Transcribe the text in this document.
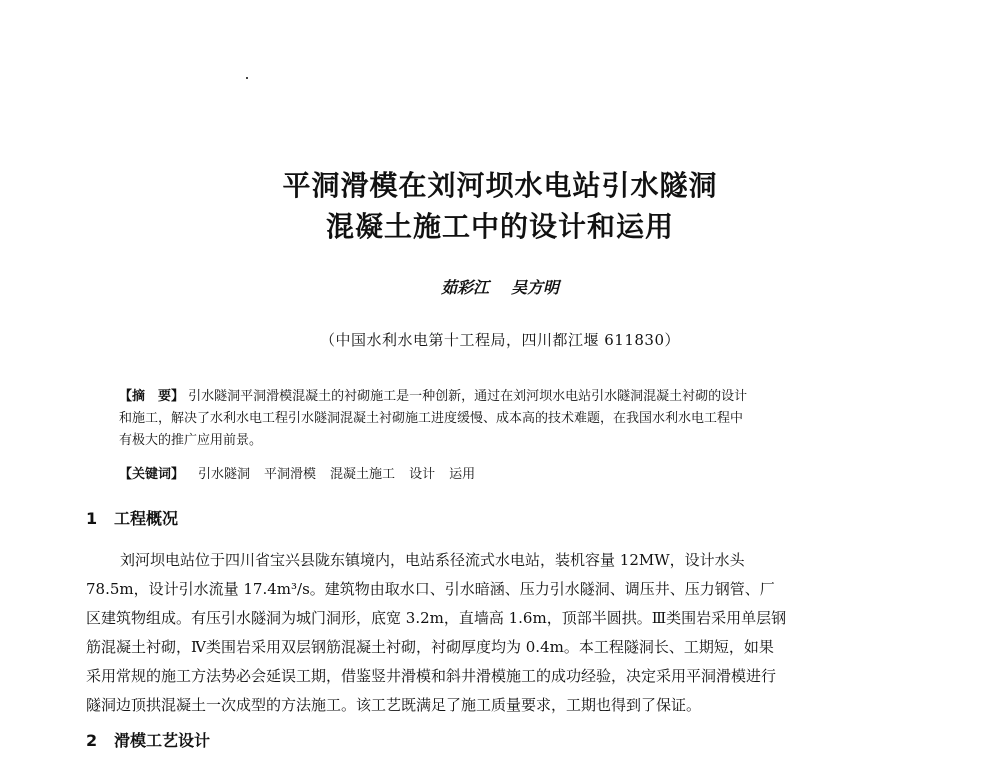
平洞滑模在刘河坝水电站引水隧洞
混凝土施工中的设计和运用
茹彩江 吴方明
（中国水利水电第十工程局，四川都江堰 611830）
【摘　要】 引水隧洞平洞滑模混凝土的衬砌施工是一种创新，通过在刘河坝水电站引水隧洞混凝土衬砌的设计
和施工，解决了水利水电工程引水隧洞混凝土衬砌施工进度缓慢、成本高的技术难题，在我国水利水电工程中
有极大的推广应用前景。
【关键词】 引水隧洞 平洞滑模 混凝土施工 设计 运用
1 工程概况
刘河坝电站位于四川省宝兴县陇东镇境内，电站系径流式水电站，装机容量 12MW，设计水头
78.5m，设计引水流量 17.4m³/s。建筑物由取水口、引水暗涵、压力引水隧洞、调压井、压力钢管、厂
区建筑物组成。有压引水隧洞为城门洞形，底宽 3.2m，直墙高 1.6m，顶部半圆拱。Ⅲ类围岩采用单层钢
筋混凝土衬砌，Ⅳ类围岩采用双层钢筋混凝土衬砌，衬砌厚度均为 0.4m。本工程隧洞长、工期短，如果
采用常规的施工方法势必会延误工期，借鉴竖井滑模和斜井滑模施工的成功经验，决定采用平洞滑模进行
隧洞边顶拱混凝土一次成型的方法施工。该工艺既满足了施工质量要求，工期也得到了保证。
2 滑模工艺设计
